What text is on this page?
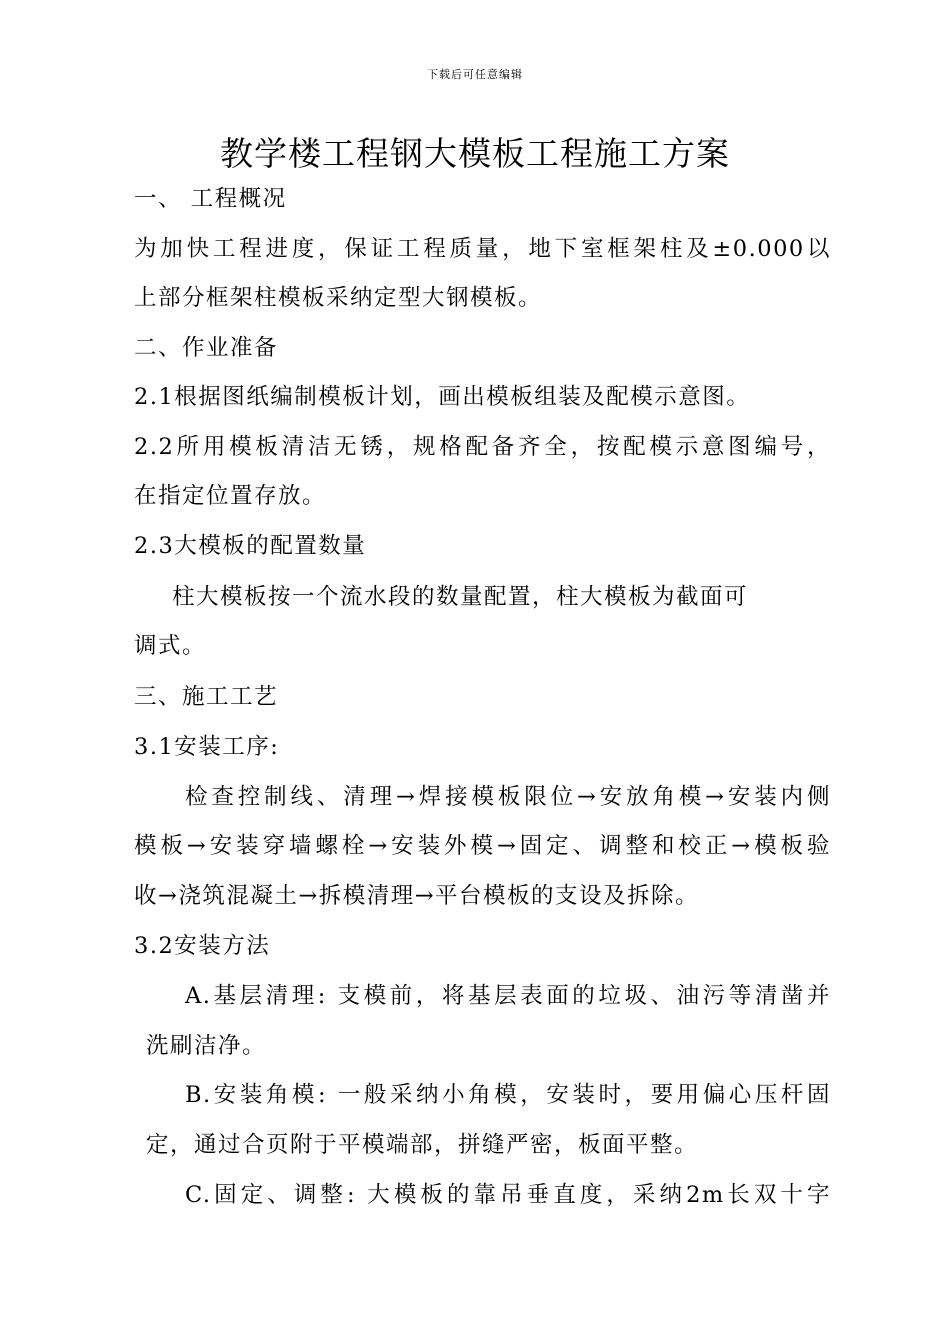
下载后可任意编辑
教学楼工程钢大模板工程施工方案
一、 工程概况
为加快工程进度，保证工程质量，地下室框架柱及±0.000以
上部分框架柱模板采纳定型大钢模板。
二、作业准备
2.1根据图纸编制模板计划，画出模板组装及配模示意图。
2.2所用模板清洁无锈，规格配备齐全，按配模示意图编号，
在指定位置存放。
2.3大模板的配置数量
柱大模板按一个流水段的数量配置，柱大模板为截面可
调式。
三、施工工艺
3.1安装工序:
检查控制线、清理→焊接模板限位→安放角模→安装内侧
模板→安装穿墙螺栓→安装外模→固定、调整和校正→模板验
收→浇筑混凝土→拆模清理→平台模板的支设及拆除。
3.2安装方法
A.基层清理: 支模前，将基层表面的垃圾、油污等清凿并
洗刷洁净。
B.安装角模: 一般采纳小角模，安装时，要用偏心压杆固
定，通过合页附于平模端部，拼缝严密，板面平整。
C.固定、调整: 大模板的靠吊垂直度，采纳2m长双十字
